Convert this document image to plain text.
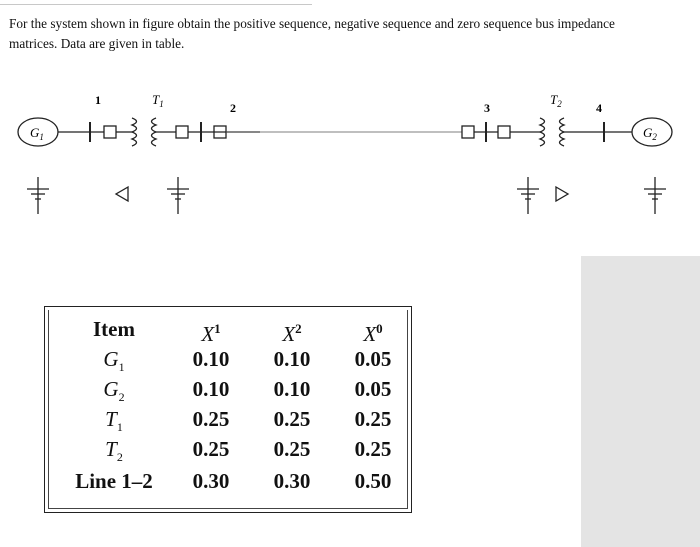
For the system shown in figure obtain the positive sequence, negative sequence and zero sequence bus impedance matrices. Data are given in table.

$G_1$	$G_2$
$T_1$	$T_2$
1
2	3	4
Item	$X^1$	$X^2$	$X^0$
$G_1$	0.10	0.10	0.05
$G_2$	0.10	0.10	0.05
$T_1$	0.25	0.25	0.25
$T_2$	0.25	0.25	0.25
Line 1–2	0.30	0.30	0.50
